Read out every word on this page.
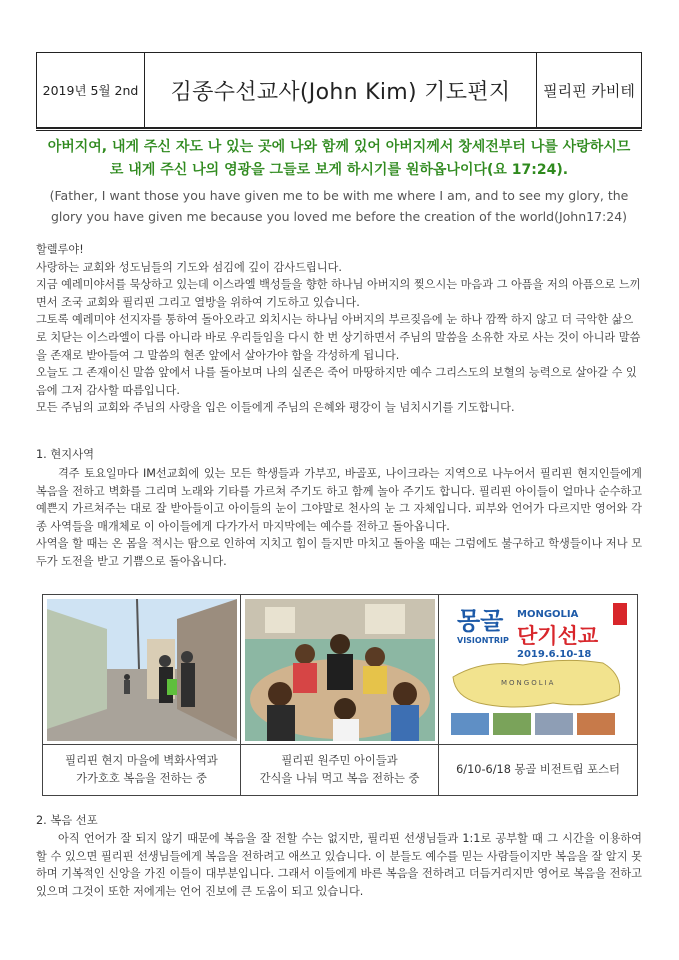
2019년 5월 2nd	김종수선교사(John Kim) 기도편지	필리핀 카비테
아버지여, 내게 주신 자도 나 있는 곳에 나와 함께 있어 아버지께서 창세전부터 나를 사랑하시므로 내게 주신 나의 영광을 그들로 보게 하시기를 원하옵나이다(요 17:24).
(Father, I want those you have given me to be with me where I am, and to see my glory, the glory you have given me because you loved me before the creation of the world(John17:24)

할렐루야!

사랑하는 교회와 성도님들의 기도와 섬김에 깊이 감사드립니다.

지금 예레미야서를 묵상하고 있는데 이스라엘 백성들을 향한 하나님 아버지의 찢으시는 마음과 그 아픔을 저의 아픔으로 느끼면서 조국 교회와 필리핀 그리고 열방을 위하여 기도하고 있습니다.

그토록 예레미야 선지자를 통하여 돌아오라고 외치시는 하나님 아버지의 부르짖음에 눈 하나 깜짝 하지 않고 더 극악한 삶으로 치닫는 이스라엘이 다름 아니라 바로 우리들임을 다시 한 번 상기하면서 주님의 말씀을 소유한 자로 사는 것이 아니라 말씀을 존재로 받아들여 그 말씀의 현존 앞에서 살아가야 함을 각성하게 됩니다.

오늘도 그 존재이신 말씀 앞에서 나를 돌아보며 나의 실존은 죽어 마땅하지만 예수 그리스도의 보혈의 능력으로 살아갈 수 있음에 그저 감사할 따름입니다.

모든 주님의 교회와 주님의 사랑을 입은 이들에게 주님의 은혜와 평강이 늘 넘치시기를 기도합니다.

1. 현지사역

격주 토요일마다 IM선교회에 있는 모든 학생들과 가부꼬, 바골포, 나이크라는 지역으로 나누어서 필리핀 현지인들에게 복음을 전하고 벽화를 그리며 노래와 기타를 가르쳐 주기도 하고 함께 놀아 주기도 합니다. 필리핀 아이들이 얼마나 순수하고 예쁜지 가르쳐주는 대로 잘 받아들이고 아이들의 눈이 그야말로 천사의 눈 그 자체입니다. 피부와 언어가 다르지만 영어와 각종 사역들을 매개체로 이 아이들에게 다가가서 마지막에는 예수를 전하고 돌아옵니다.

사역을 할 때는 온 몸을 적시는 땀으로 인하여 지치고 힘이 들지만 마치고 돌아올 때는 그럼에도 불구하고 학생들이나 저나 모두가 도전을 받고 기쁨으로 돌아옵니다.

몽골 MONGOLIA
VISIONTRIP 단기선교
2019.6.10-18
MONGOLIA
필리핀 현지 마을에 벽화사역과
가가호호 복음을 전하는 중
필리핀 원주민 아이들과
간식을 나눠 먹고 복음 전하는 중
6/10-6/18 몽골 비전트립 포스터
2. 복음 선포

아직 언어가 잘 되지 않기 때문에 복음을 잘 전할 수는 없지만, 필리핀 선생님들과 1:1로 공부할 때 그 시간을 이용하여 할 수 있으면 필리핀 선생님들에게 복음을 전하려고 애쓰고 있습니다. 이 분들도 예수를 믿는 사람들이지만 복음을 잘 알지 못하며 기복적인 신앙을 가진 이들이 대부분입니다. 그래서 이들에게 바른 복음을 전하려고 더듬거리지만 영어로 복음을 전하고 있으며 그것이 또한 저에게는 언어 진보에 큰 도움이 되고 있습니다.
